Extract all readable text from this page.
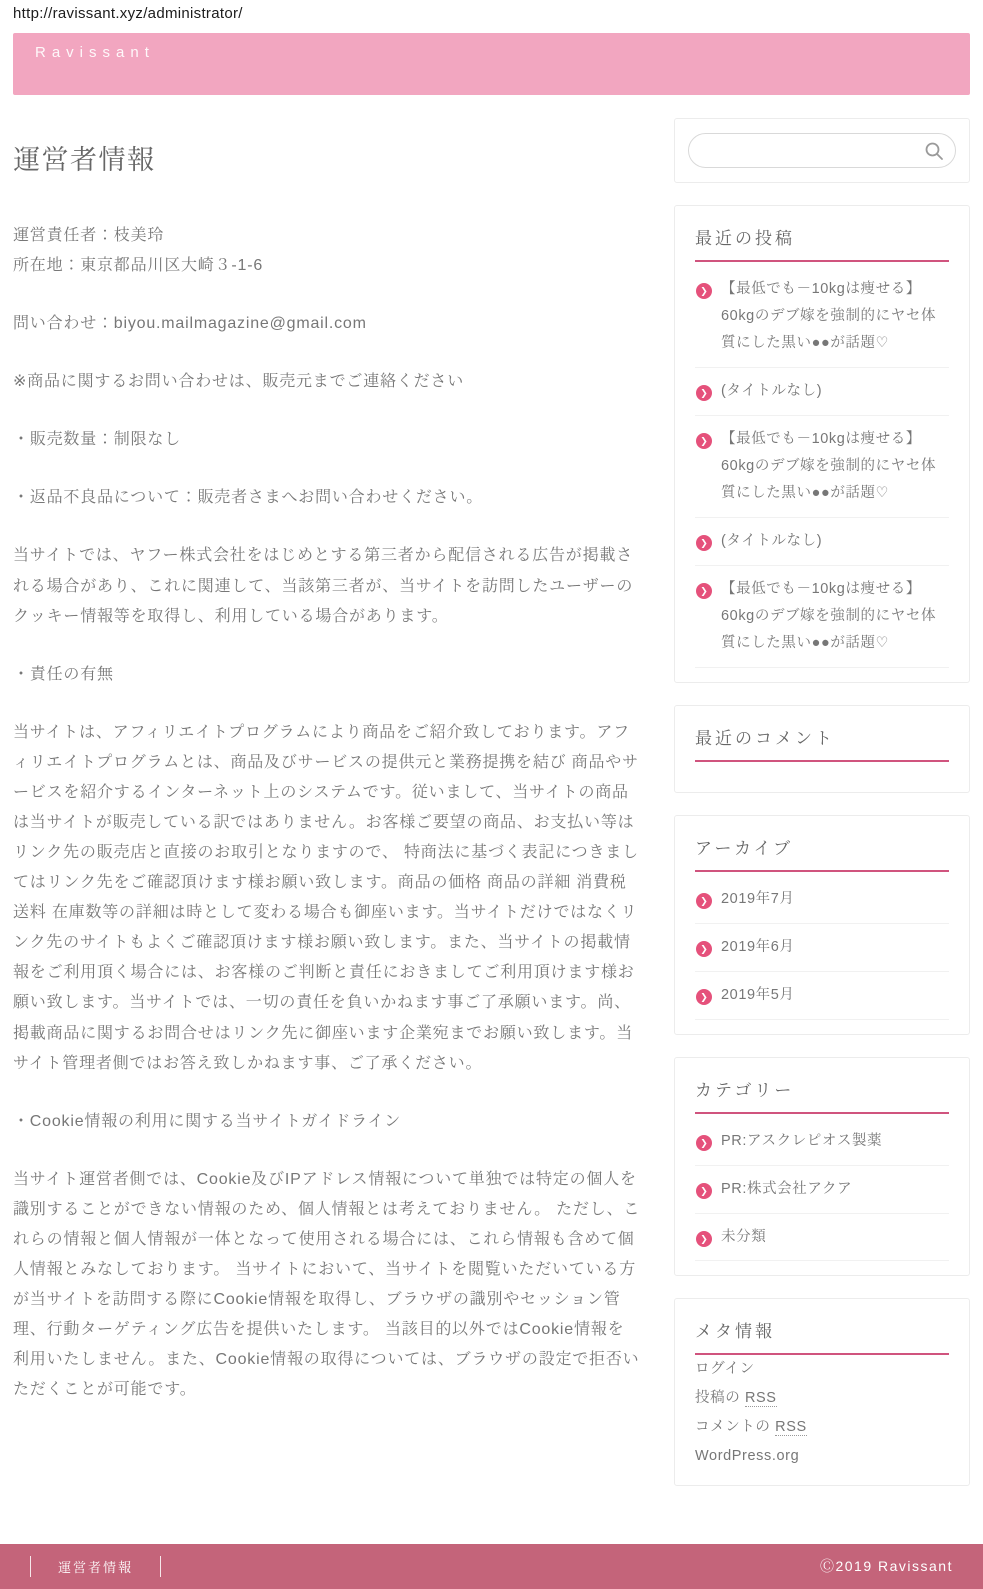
http://ravissant.xyz/administrator/
Ravissant
運営者情報

運営責任者：枝美玲
所在地：東京都品川区大崎３-1-6

問い合わせ：biyou.mailmagazine@gmail.com

※商品に関するお問い合わせは、販売元までご連絡ください

・販売数量：制限なし

・返品不良品について：販売者さまへお問い合わせください。

当サイトでは、ヤフー株式会社をはじめとする第三者から配信される広告が掲載される場合があり、これに関連して、当該第三者が、当サイトを訪問したユーザーのクッキー情報等を取得し、利用している場合があります。

・責任の有無

当サイトは、アフィリエイトプログラムにより商品をご紹介致しております。アフィリエイトプログラムとは、商品及びサービスの提供元と業務提携を結び 商品やサービスを紹介するインターネット上のシステムです。従いまして、当サイトの商品は当サイトが販売している訳ではありません。お客様ご要望の商品、お支払い等はリンク先の販売店と直接のお取引となりますので、 特商法に基づく表記につきましてはリンク先をご確認頂けます様お願い致します。商品の価格 商品の詳細 消費税 送料 在庫数等の詳細は時として変わる場合も御座います。当サイトだけではなくリンク先のサイトもよくご確認頂けます様お願い致します。また、当サイトの掲載情報をご利用頂く場合には、お客様のご判断と責任におきましてご利用頂けます様お願い致します。当サイトでは、一切の責任を負いかねます事ご了承願います。尚、掲載商品に関するお問合せはリンク先に御座います企業宛までお願い致します。当サイト管理者側ではお答え致しかねます事、ご了承ください。

・Cookie情報の利用に関する当サイトガイドライン

当サイト運営者側では、Cookie及びIPアドレス情報について単独では特定の個人を識別することができない情報のため、個人情報とは考えておりません。 ただし、これらの情報と個人情報が一体となって使用される場合には、これら情報も含めて個人情報とみなしております。 当サイトにおいて、当サイトを閲覧いただいている方が当サイトを訪問する際にCookie情報を取得し、ブラウザの識別やセッション管理、行動ターゲティング広告を提供いたします。 当該目的以外ではCookie情報を利用いたしません。また、Cookie情報の取得については、ブラウザの設定で拒否いただくことが可能です。

最近の投稿
❯ 【最低でも－10kgは痩せる】60kgのデブ嫁を強制的にヤセ体質にした黒い●●が話題♡
❯ (タイトルなし)
❯ 【最低でも－10kgは痩せる】60kgのデブ嫁を強制的にヤセ体質にした黒い●●が話題♡
❯ (タイトルなし)
❯ 【最低でも－10kgは痩せる】60kgのデブ嫁を強制的にヤセ体質にした黒い●●が話題♡
最近のコメント
アーカイブ
❯ 2019年7月
❯ 2019年6月
❯ 2019年5月
カテゴリー
❯ PR:アスクレピオス製薬
❯ PR:株式会社アクア
❯ 未分類
メタ情報
ログイン
投稿の RSS
コメントの RSS
WordPress.org
運営者情報	Ⓒ2019 Ravissant
